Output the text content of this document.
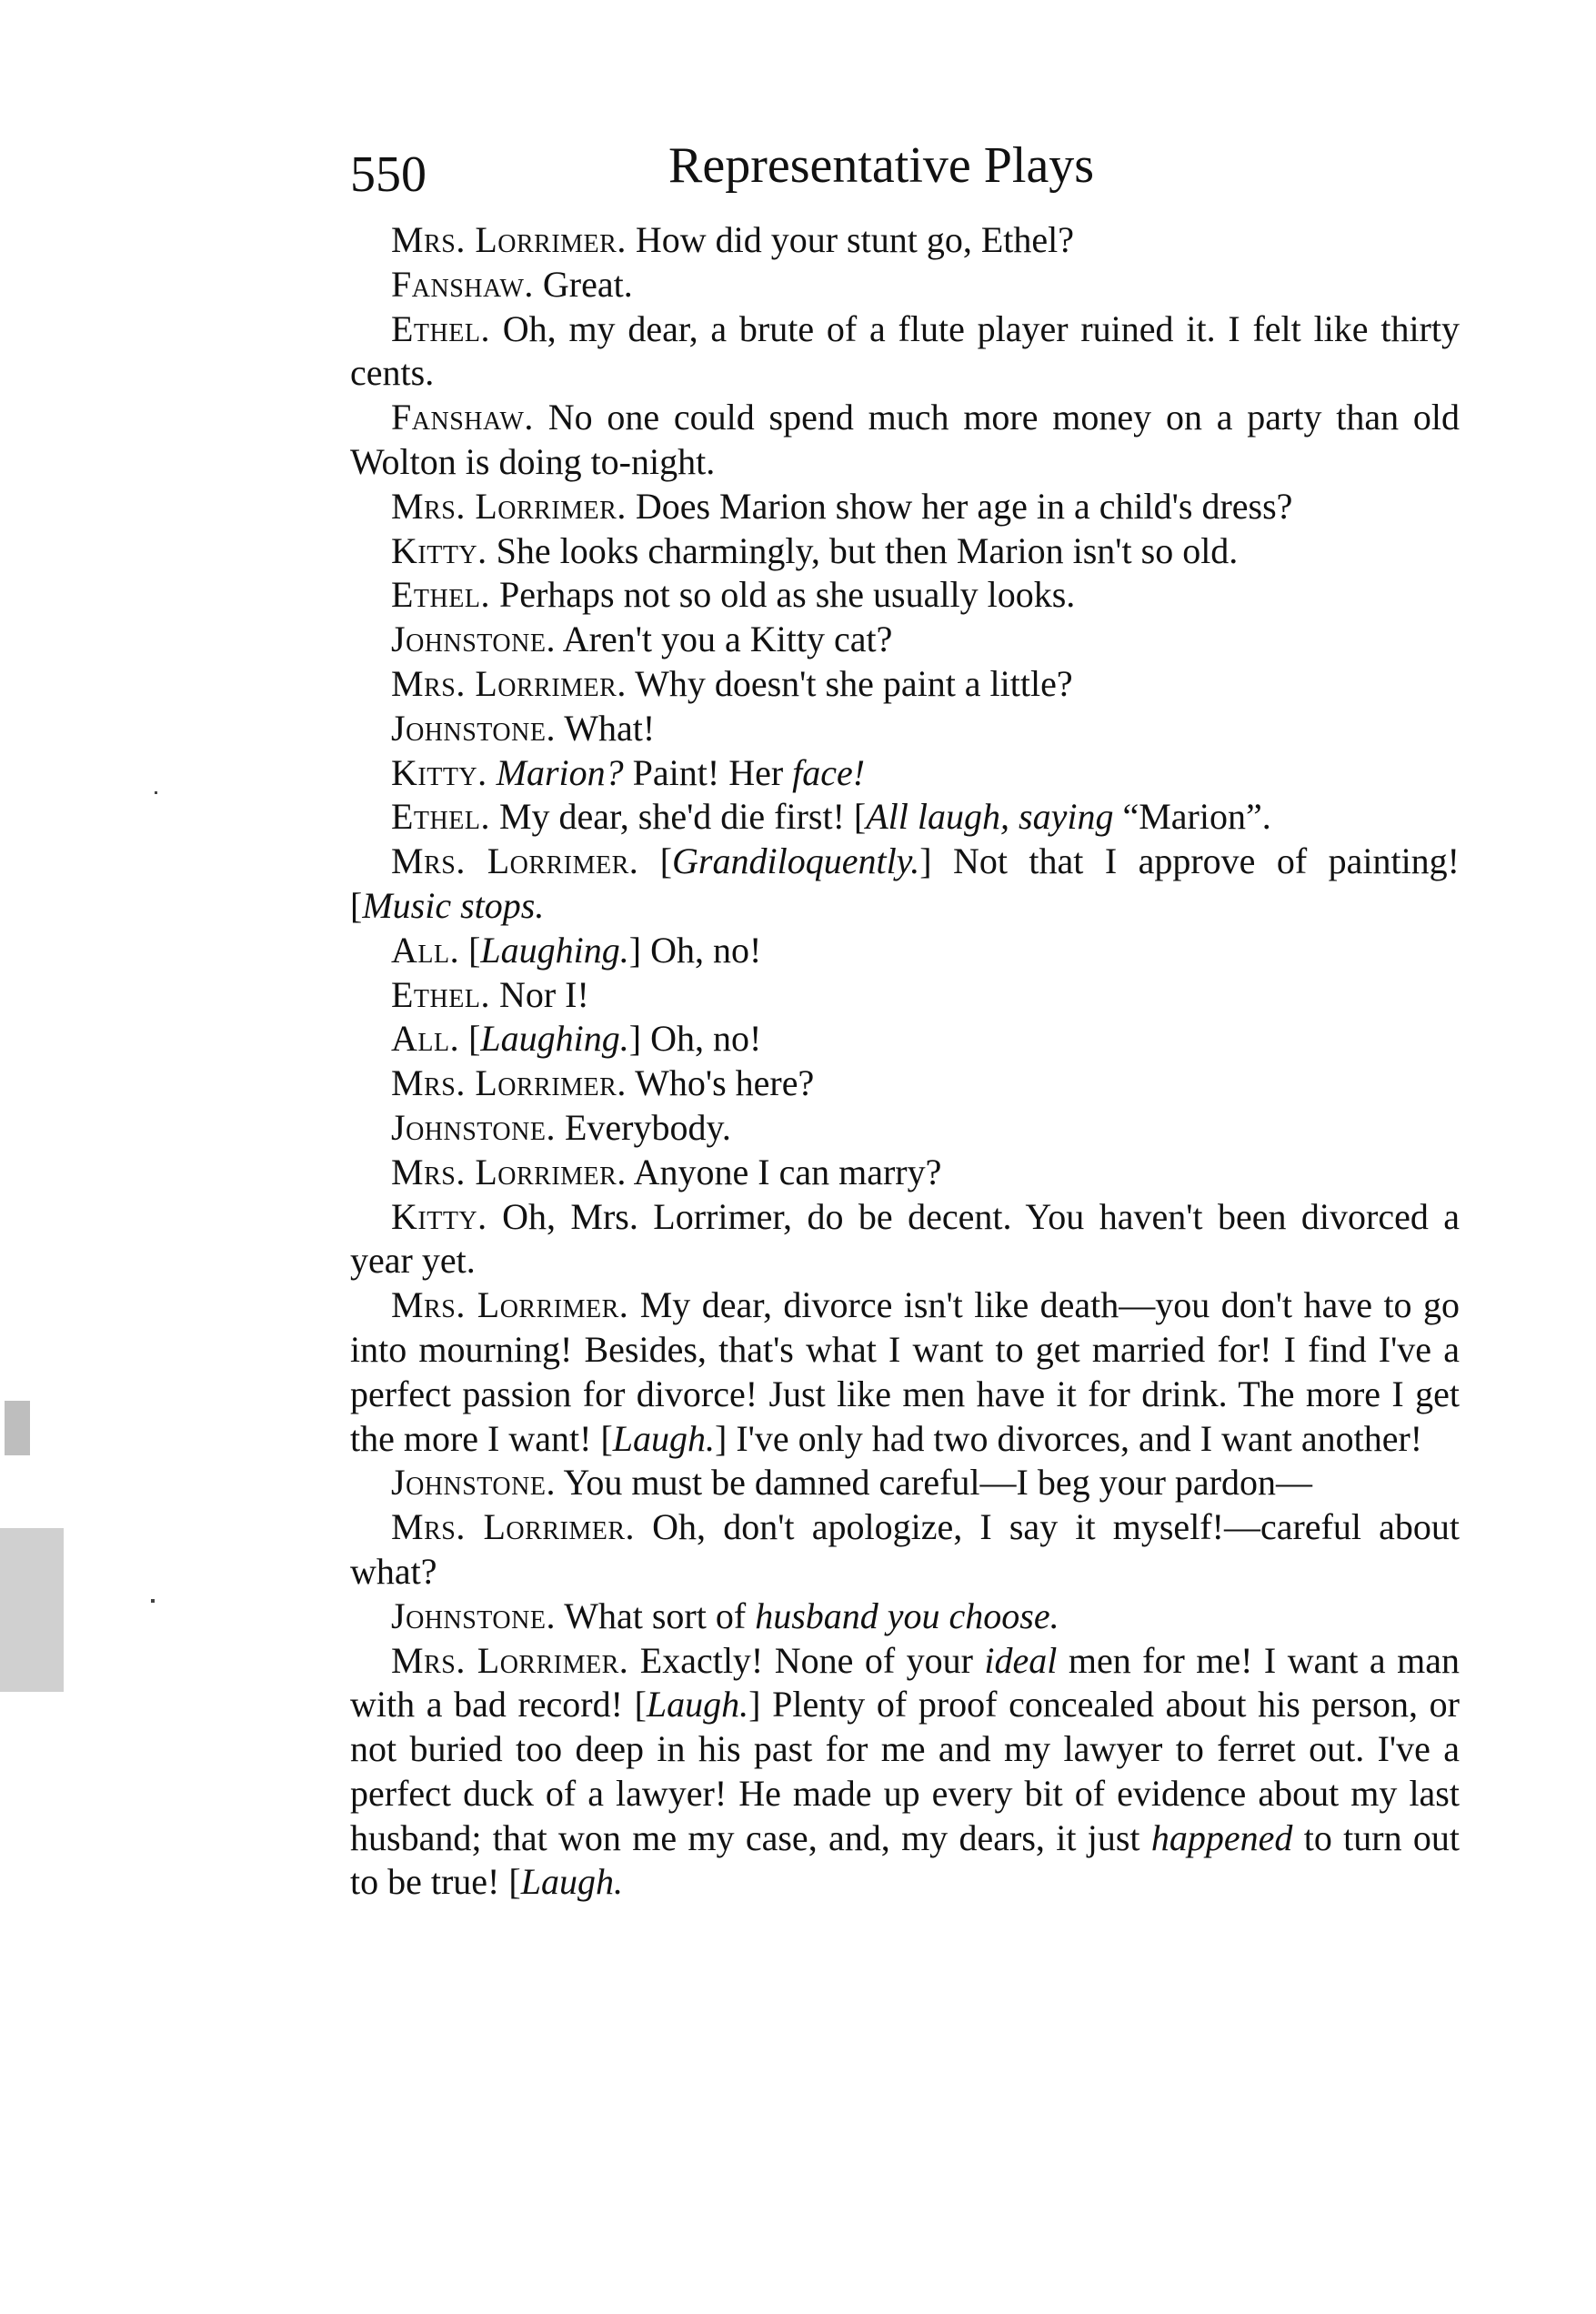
550	Representative Plays

Mrs. Lorrimer. How did your stunt go, Ethel?

Fanshaw. Great.

Ethel. Oh, my dear, a brute of a flute player ruined it. I felt like thirty cents.

Fanshaw. No one could spend much more money on a party than old Wolton is doing to-night.

Mrs. Lorrimer. Does Marion show her age in a child's dress?

Kitty. She looks charmingly, but then Marion isn't so old.

Ethel. Perhaps not so old as she usually looks.

Johnstone. Aren't you a Kitty cat?

Mrs. Lorrimer. Why doesn't she paint a little?

Johnstone. What!

Kitty. Marion? Paint! Her face!

Ethel. My dear, she'd die first! [All laugh, saying “Marion”.

Mrs. Lorrimer. [Grandiloquently.] Not that I approve of painting! [Music stops.

All. [Laughing.] Oh, no!

Ethel. Nor I!

All. [Laughing.] Oh, no!

Mrs. Lorrimer. Who's here?

Johnstone. Everybody.

Mrs. Lorrimer. Anyone I can marry?

Kitty. Oh, Mrs. Lorrimer, do be decent. You haven't been divorced a year yet.

Mrs. Lorrimer. My dear, divorce isn't like death—you don't have to go into mourning! Besides, that's what I want to get married for! I find I've a perfect passion for divorce! Just like men have it for drink. The more I get the more I want! [Laugh.] I've only had two divorces, and I want another!

Johnstone. You must be damned careful—I beg your pardon—

Mrs. Lorrimer. Oh, don't apologize, I say it myself!—careful about what?

Johnstone. What sort of husband you choose.

Mrs. Lorrimer. Exactly! None of your ideal men for me! I want a man with a bad record! [Laugh.] Plenty of proof concealed about his person, or not buried too deep in his past for me and my lawyer to ferret out. I've a perfect duck of a lawyer! He made up every bit of evidence about my last husband; that won me my case, and, my dears, it just happened to turn out to be true! [Laugh.
